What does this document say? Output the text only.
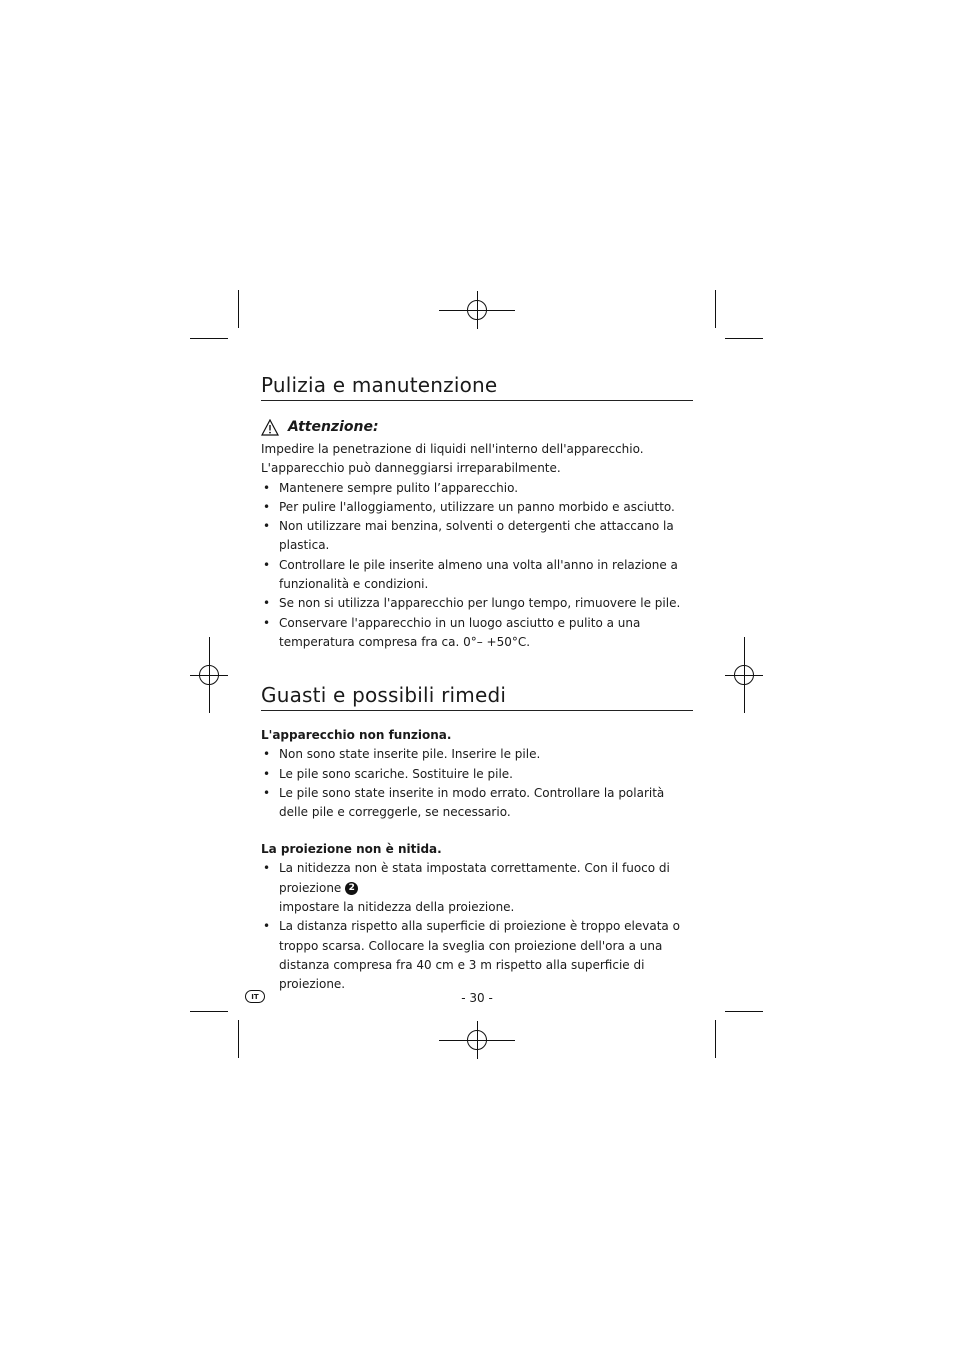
Pulizia e manutenzione
Attenzione:

Impedire la penetrazione di liquidi nell'interno dell'apparecchio. L'apparecchio può danneggiarsi irreparabilmente.

• Mantenere sempre pulito l’apparecchio.
• Per pulire l'alloggiamento, utilizzare un panno morbido e asciutto.
• Non utilizzare mai benzina, solventi o detergenti che attaccano la plastica.
• Controllare le pile inserite almeno una volta all'anno in relazione a funzionalità e condizioni.
• Se non si utilizza l'apparecchio per lungo tempo, rimuovere le pile.
• Conservare l'apparecchio in un luogo asciutto e pulito a una temperatura compresa fra ca. 0°– +50°C.
Guasti e possibili rimedi
L'apparecchio non funziona.
• Non sono state inserite pile. Inserire le pile.
• Le pile sono scariche. Sostituire le pile.
• Le pile sono state inserite in modo errato. Controllare la polarità delle pile e correggerle, se necessario.
La proiezione non è nitida.
• La nitidezza non è stata impostata correttamente. Con il fuoco di proiezione 2
impostare la nitidezza della proiezione.
• La distanza rispetto alla superficie di proiezione è troppo elevata o troppo scarsa. Collocare la sveglia con proiezione dell'ora a una distanza compresa fra 40 cm e 3 m rispetto alla superficie di proiezione.
IT	- 30 -
